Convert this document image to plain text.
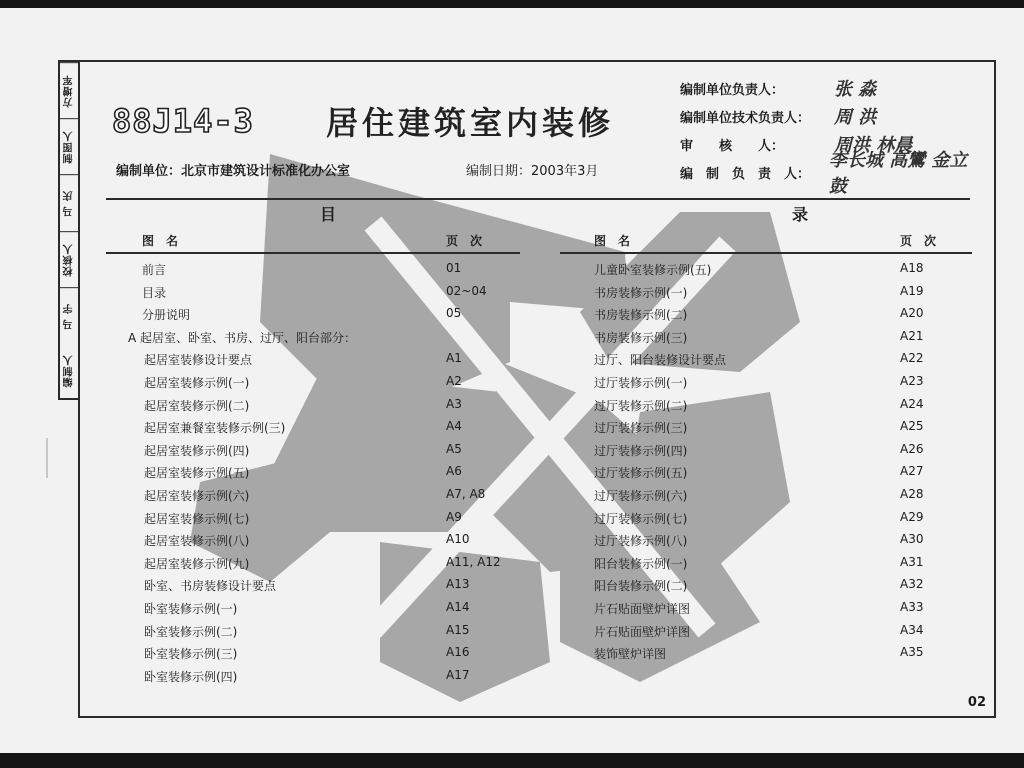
方增军
制图人
马 庆
校核人
马 宇
编制人
88J14-3 居住建筑室内装修
编制单位：北京市建筑设计标准化办公室	编制日期：2003年3月
编制单位负责人：	张 淼
编制单位技术负责人：	周 洪
审　　核　　人：	周洪 林晨
编　制　负　责　人：
李长城 高鸞 金立鼓
目	录
图　名	页　次	图　名	页　次
前言	01
目录	02~04
分册说明	05
A 起居室、卧室、书房、过厅、阳台部分：
起居室装修设计要点	A1
起居室装修示例(一)	A2
起居室装修示例(二)	A3
起居室兼餐室装修示例(三)	A4
起居室装修示例(四)	A5
起居室装修示例(五)	A6
起居室装修示例(六)	A7, A8
起居室装修示例(七)	A9
起居室装修示例(八)	A10
起居室装修示例(九)	A11, A12
卧室、书房装修设计要点	A13
卧室装修示例(一)	A14
卧室装修示例(二)	A15
卧室装修示例(三)	A16
卧室装修示例(四)	A17
儿童卧室装修示例(五)	A18
书房装修示例(一)	A19
书房装修示例(二)	A20
书房装修示例(三)	A21
过厅、阳台装修设计要点	A22
过厅装修示例(一)	A23
过厅装修示例(二)	A24
过厅装修示例(三)	A25
过厅装修示例(四)	A26
过厅装修示例(五)	A27
过厅装修示例(六)	A28
过厅装修示例(七)	A29
过厅装修示例(八)	A30
阳台装修示例(一)	A31
阳台装修示例(二)	A32
片石贴面壁炉详图	A33
片石贴面壁炉详图	A34
装饰壁炉详图	A35
02
